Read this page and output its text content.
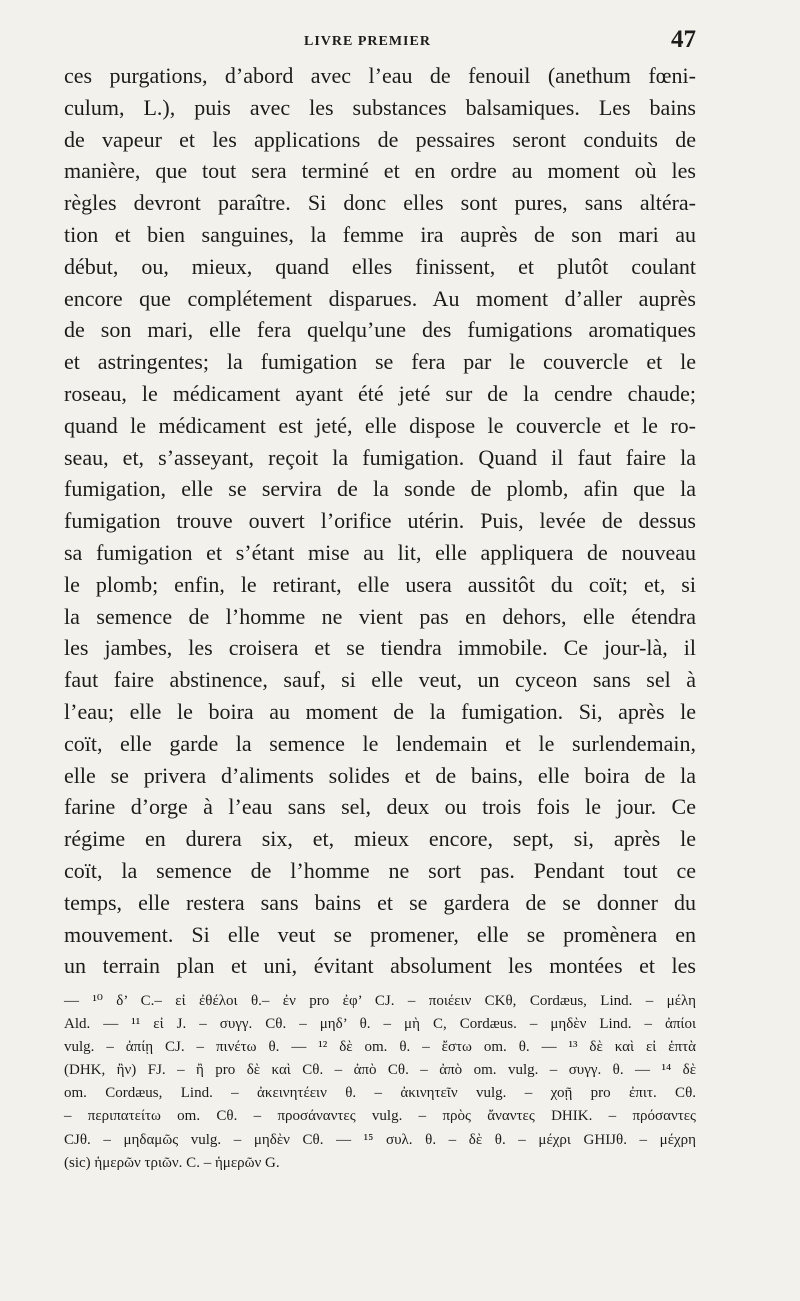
LIVRE PREMIER	47
ces purgations, d’abord avec l’eau de fenouil (anethum fœni-
culum, L.), puis avec les substances balsamiques. Les bains
de vapeur et les applications de pessaires seront conduits de
manière, que tout sera terminé et en ordre au moment où les
règles devront paraître. Si donc elles sont pures, sans altéra-
tion et bien sanguines, la femme ira auprès de son mari au
début, ou, mieux, quand elles finissent, et plutôt coulant
encore que complétement disparues. Au moment d’aller auprès
de son mari, elle fera quelqu’une des fumigations aromatiques
et astringentes; la fumigation se fera par le couvercle et le
roseau, le médicament ayant été jeté sur de la cendre chaude;
quand le médicament est jeté, elle dispose le couvercle et le ro-
seau, et, s’asseyant, reçoit la fumigation. Quand il faut faire la
fumigation, elle se servira de la sonde de plomb, afin que la
fumigation trouve ouvert l’orifice utérin. Puis, levée de dessus
sa fumigation et s’étant mise au lit, elle appliquera de nouveau
le plomb; enfin, le retirant, elle usera aussitôt du coït; et, si
la semence de l’homme ne vient pas en dehors, elle étendra
les jambes, les croisera et se tiendra immobile. Ce jour-là, il
faut faire abstinence, sauf, si elle veut, un cycеon sans sel à
l’eau; elle le boira au moment de la fumigation. Si, après le
coït, elle garde la semence le lendemain et le surlendemain,
elle se privera d’aliments solides et de bains, elle boira de la
farine d’orge à l’eau sans sel, deux ou trois fois le jour. Ce
régime en durera six, et, mieux encore, sept, si, après le
coït, la semence de l’homme ne sort pas. Pendant tout ce
temps, elle restera sans bains et se gardera de se donner du
mouvement. Si elle veut se promener, elle se promènera en
un terrain plan et uni, évitant absolument les montées et les
— ¹⁰ δ’ C.– εἰ ἐθέλοι θ.– ἐν pro ἐφ’ CJ. – ποιέειν CKθ, Cordæus, Lind. – μέλη
Ald. — ¹¹ εἰ J. – συγγ. Cθ. – μηδ’ θ. – μὴ C, Cordæus. – μηδὲν Lind. – ἀπίοι
vulg. – ἀπίῃ CJ. – πινέτω θ. — ¹² δὲ om. θ. – ἔστω om. θ. — ¹³ δὲ καὶ εἰ ἑπτὰ
(DHK, ἢν) FJ. – ἢ pro δὲ καὶ Cθ. – ἀπὸ Cθ. – ἀπὸ om. vulg. – συγγ. θ. — ¹⁴ δὲ
om. Cordæus, Lind. – ἀκεινητέειν θ. – ἀκινητεῖν vulg. – χοῇ pro ἐπιτ. Cθ.
– περιπατείτω om. Cθ. – προσάναντες vulg. – πρὸς ἄναντες DHIK. – πρόσαντες
CJθ. – μηδαμῶς vulg. – μηδὲν Cθ. — ¹⁵ συλ. θ. – δὲ θ. – μέχρι GHIJθ. – μέχρη
(sic) ἡμερῶν τριῶν. C. – ἡμερῶν G.
